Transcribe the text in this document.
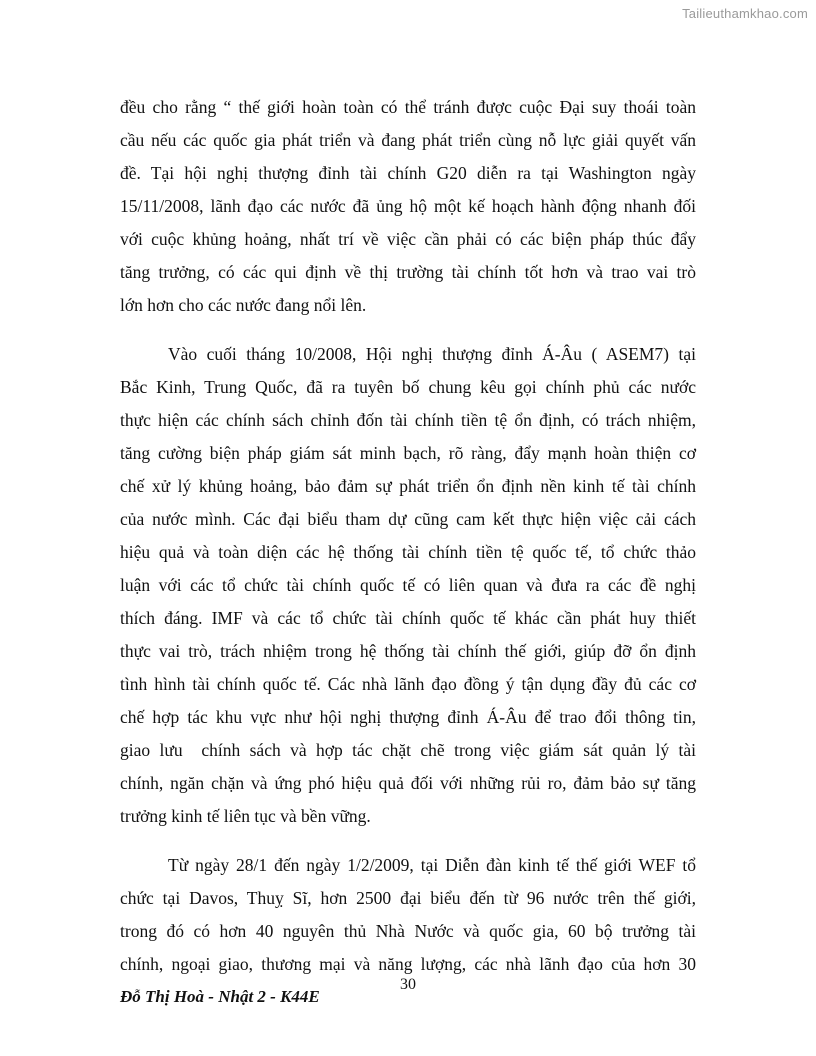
Tailieuthamkhao.com
đều cho rằng “ thế giới hoàn toàn có thể tránh được cuộc Đại suy thoái toàn
cầu nếu các quốc gia phát triển và đang phát triển cùng nỗ lực giải quyết vấn
đề. Tại hội nghị thượng đỉnh tài chính G20 diễn ra tại Washington ngày
15/11/2008, lãnh đạo các nước đã ủng hộ một kế hoạch hành động nhanh đối
với cuộc khủng hoảng, nhất trí về việc cần phải có các biện pháp thúc đẩy
tăng trưởng, có các qui định về thị trường tài chính tốt hơn và trao vai trò
lớn hơn cho các nước đang nổi lên.
Vào cuối tháng 10/2008, Hội nghị thượng đỉnh Á-Âu ( ASEM7) tại
Bắc Kinh, Trung Quốc, đã ra tuyên bố chung kêu gọi chính phủ các nước
thực hiện các chính sách chỉnh đốn tài chính tiền tệ ổn định, có trách nhiệm,
tăng cường biện pháp giám sát minh bạch, rõ ràng, đẩy mạnh hoàn thiện cơ
chế xử lý khủng hoảng, bảo đảm sự phát triển ổn định nền kinh tế tài chính
của nước mình. Các đại biểu tham dự cũng cam kết thực hiện việc cải cách
hiệu quả và toàn diện các hệ thống tài chính tiền tệ quốc tế, tổ chức thảo
luận với các tổ chức tài chính quốc tế có liên quan và đưa ra các đề nghị
thích đáng. IMF và các tổ chức tài chính quốc tế khác cần phát huy thiết
thực vai trò, trách nhiệm trong hệ thống tài chính thế giới, giúp đỡ ổn định
tình hình tài chính quốc tế. Các nhà lãnh đạo đồng ý tận dụng đầy đủ các cơ
chế hợp tác khu vực như hội nghị thượng đỉnh Á-Âu để trao đổi thông tin,
giao lưu  chính sách và hợp tác chặt chẽ trong việc giám sát quản lý tài
chính, ngăn chặn và ứng phó hiệu quả đối với những rủi ro, đảm bảo sự tăng
trưởng kinh tế liên tục và bền vững.
Từ ngày 28/1 đến ngày 1/2/2009, tại Diễn đàn kinh tế thế giới WEF tổ
chức tại Davos, Thuỵ Sĩ, hơn 2500 đại biểu đến từ 96 nước trên thế giới,
trong đó có hơn 40 nguyên thủ Nhà Nước và quốc gia, 60 bộ trưởng tài
chính, ngoại giao, thương mại và năng lượng, các nhà lãnh đạo của hơn 30
30
Đỗ Thị Hoà - Nhật 2 - K44E
